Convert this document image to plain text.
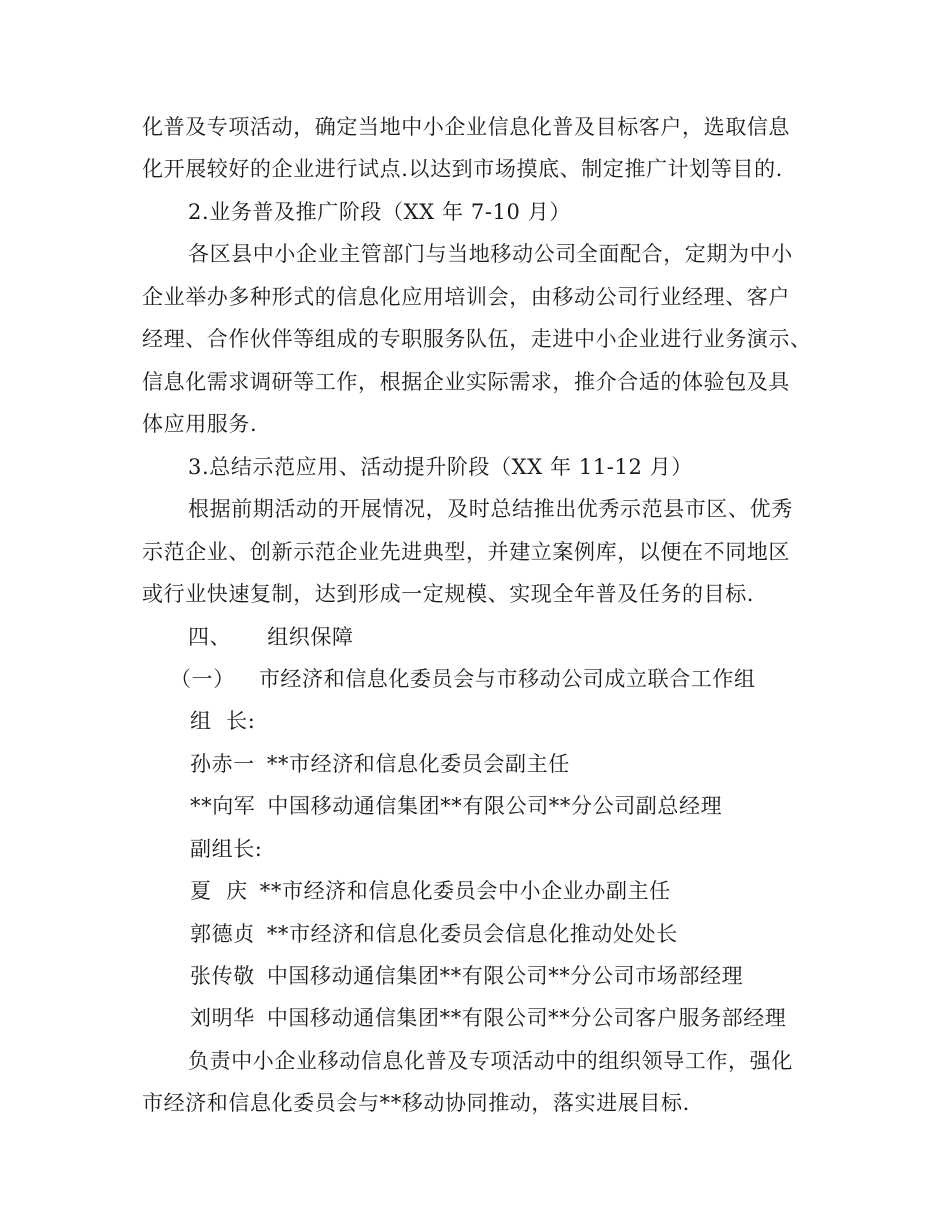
化普及专项活动，确定当地中小企业信息化普及目标客户，选取信息
化开展较好的企业进行试点.以达到市场摸底、制定推广计划等目的.
2.业务普及推广阶段（XX 年 7-10 月）
各区县中小企业主管部门与当地移动公司全面配合，定期为中小
企业举办多种形式的信息化应用培训会，由移动公司行业经理、客户
经理、合作伙伴等组成的专职服务队伍，走进中小企业进行业务演示、
信息化需求调研等工作，根据企业实际需求，推介合适的体验包及具
体应用服务.
3.总结示范应用、活动提升阶段（XX 年 11-12 月）
根据前期活动的开展情况，及时总结推出优秀示范县市区、优秀
示范企业、创新示范企业先进典型，并建立案例库，以便在不同地区
或行业快速复制，达到形成一定规模、实现全年普及任务的目标.
四、 组织保障
（一） 市经济和信息化委员会与市移动公司成立联合工作组
组  长:
孙赤一 **市经济和信息化委员会副主任
**向军 中国移动通信集团**有限公司**分公司副总经理
副组长:
夏  庆 **市经济和信息化委员会中小企业办副主任
郭德贞 **市经济和信息化委员会信息化推动处处长
张传敬 中国移动通信集团**有限公司**分公司市场部经理
刘明华 中国移动通信集团**有限公司**分公司客户服务部经理
负责中小企业移动信息化普及专项活动中的组织领导工作，强化
市经济和信息化委员会与**移动协同推动，落实进展目标.
